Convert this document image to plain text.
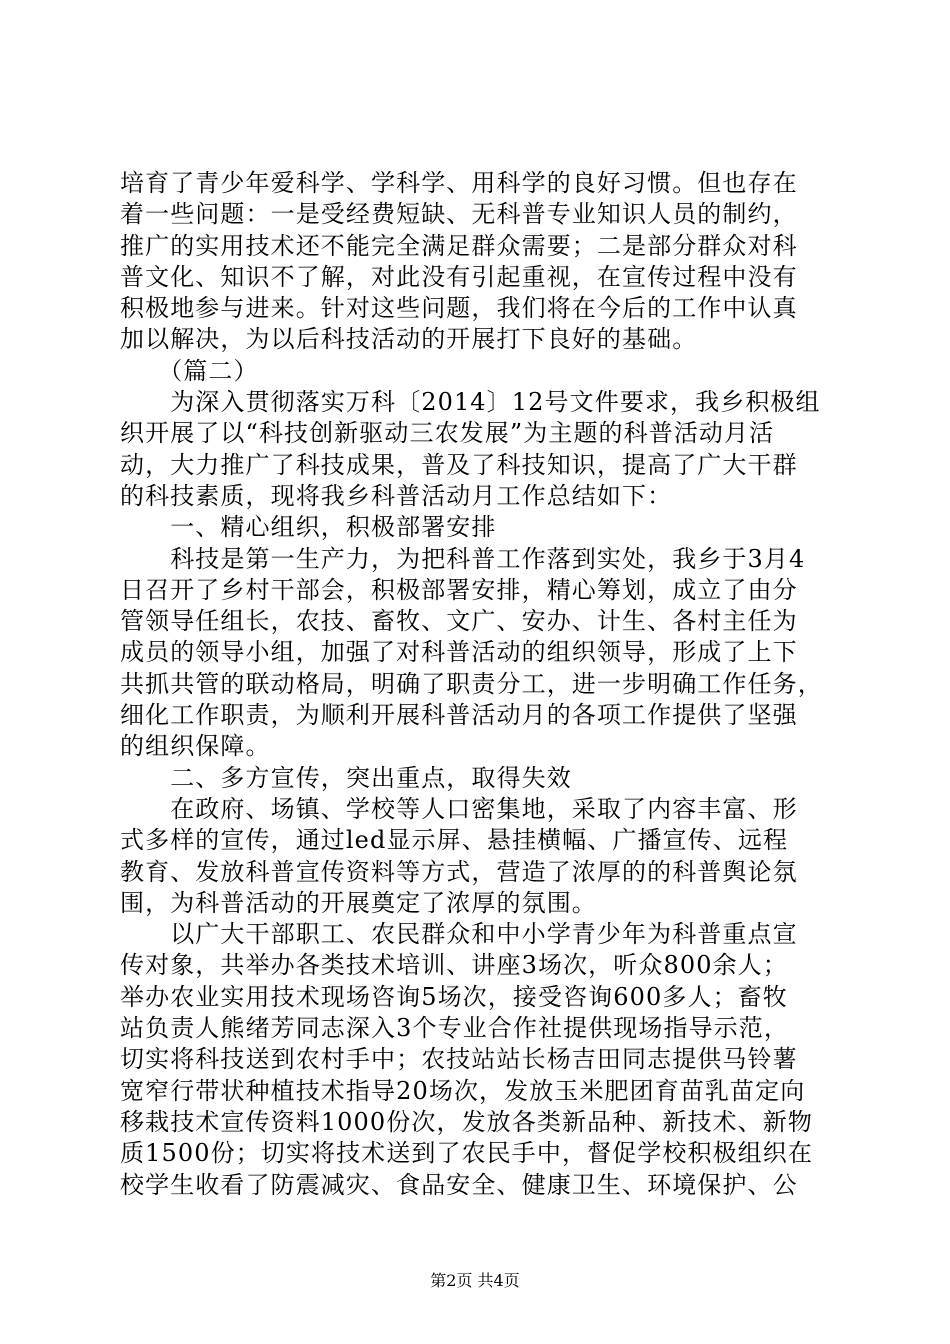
培育了青少年爱科学、学科学、用科学的良好习惯。但也存在
着一些问题：一是受经费短缺、无科普专业知识人员的制约，
推广的实用技术还不能完全满足群众需要；二是部分群众对科
普文化、知识不了解，对此没有引起重视，在宣传过程中没有
积极地参与进来。针对这些问题，我们将在今后的工作中认真
加以解决，为以后科技活动的开展打下良好的基础。
　　（篇二）
　　为深入贯彻落实万科〔2014〕12号文件要求，我乡积极组
织开展了以“科技创新驱动三农发展”为主题的科普活动月活
动，大力推广了科技成果，普及了科技知识，提高了广大干群
的科技素质，现将我乡科普活动月工作总结如下：
　　一、精心组织，积极部署安排
　　科技是第一生产力，为把科普工作落到实处，我乡于3月4
日召开了乡村干部会，积极部署安排，精心筹划，成立了由分
管领导任组长，农技、畜牧、文广、安办、计生、各村主任为
成员的领导小组，加强了对科普活动的组织领导，形成了上下
共抓共管的联动格局，明确了职责分工，进一步明确工作任务，
细化工作职责，为顺利开展科普活动月的各项工作提供了坚强
的组织保障。
　　二、多方宣传，突出重点，取得失效
　　在政府、场镇、学校等人口密集地，采取了内容丰富、形
式多样的宣传，通过led显示屏、悬挂横幅、广播宣传、远程
教育、发放科普宣传资料等方式，营造了浓厚的的科普舆论氛
围，为科普活动的开展奠定了浓厚的氛围。
　　以广大干部职工、农民群众和中小学青少年为科普重点宣
传对象，共举办各类技术培训、讲座3场次，听众800余人；
举办农业实用技术现场咨询5场次，接受咨询600多人；畜牧
站负责人熊绪芳同志深入3个专业合作社提供现场指导示范，
切实将科技送到农村手中；农技站站长杨吉田同志提供马铃薯
宽窄行带状种植技术指导20场次，发放玉米肥团育苗乳苗定向
移栽技术宣传资料1000份次，发放各类新品种、新技术、新物
质1500份；切实将技术送到了农民手中，督促学校积极组织在
校学生收看了防震减灾、食品安全、健康卫生、环境保护、公
第2页 共4页
